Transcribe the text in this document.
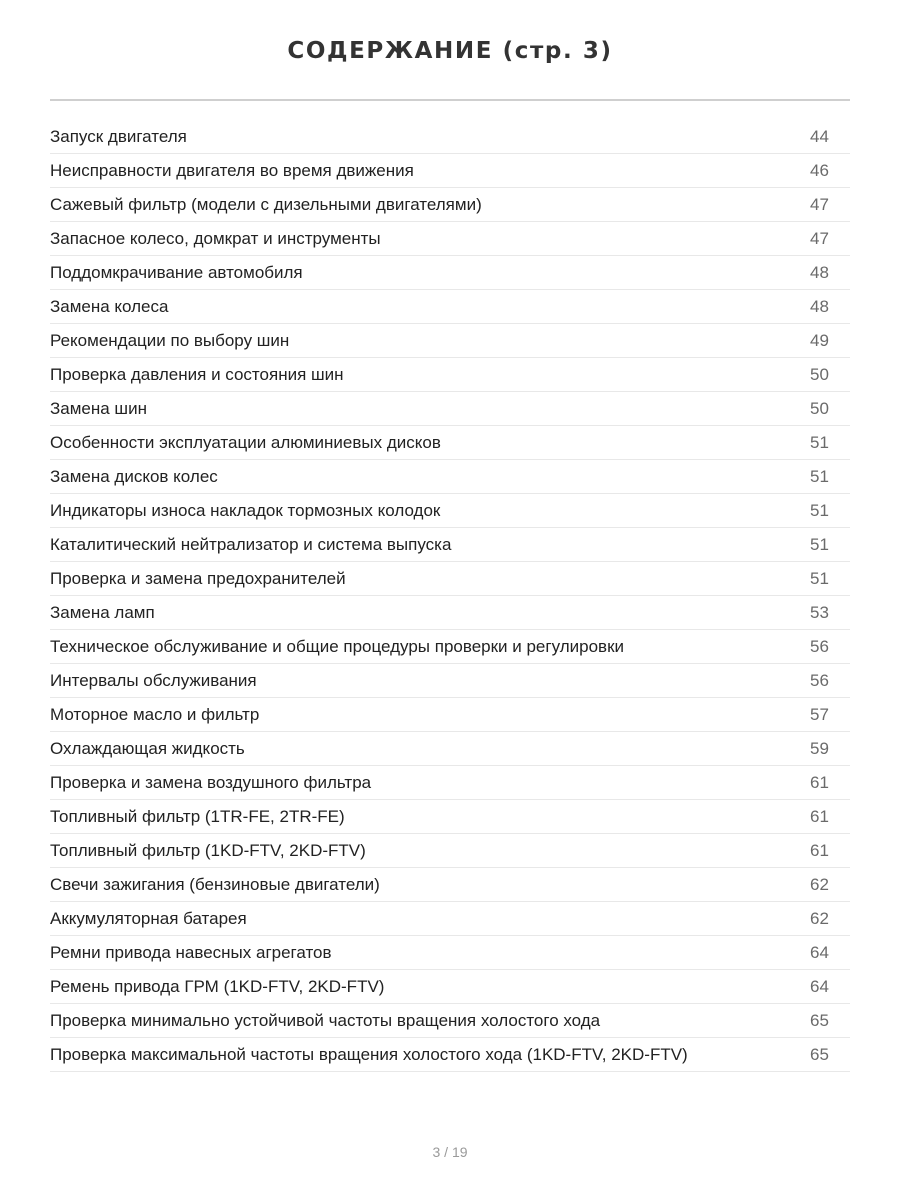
СОДЕРЖАНИЕ (стр. 3)
Запуск двигателя	44
Неисправности двигателя во время движения	46
Сажевый фильтр (модели с дизельными двигателями)	47
Запасное колесо, домкрат и инструменты	47
Поддомкрачивание автомобиля	48
Замена колеса	48
Рекомендации по выбору шин	49
Проверка давления и состояния шин	50
Замена шин	50
Особенности эксплуатации алюминиевых дисков	51
Замена дисков колес	51
Индикаторы износа накладок тормозных колодок	51
Каталитический нейтрализатор и система выпуска	51
Проверка и замена предохранителей	51
Замена ламп	53
Техническое обслуживание и общие процедуры проверки и регулировки	56
Интервалы обслуживания	56
Моторное масло и фильтр	57
Охлаждающая жидкость	59
Проверка и замена воздушного фильтра	61
Топливный фильтр (1TR-FE, 2TR-FE)	61
Топливный фильтр (1KD-FTV, 2KD-FTV)	61
Свечи зажигания (бензиновые двигатели)	62
Аккумуляторная батарея	62
Ремни привода навесных агрегатов	64
Ремень привода ГРМ (1KD-FTV, 2KD-FTV)	64
Проверка минимально устойчивой частоты вращения холостого хода	65
Проверка максимальной частоты вращения холостого хода (1KD-FTV, 2KD-FTV)	65
3 / 19
